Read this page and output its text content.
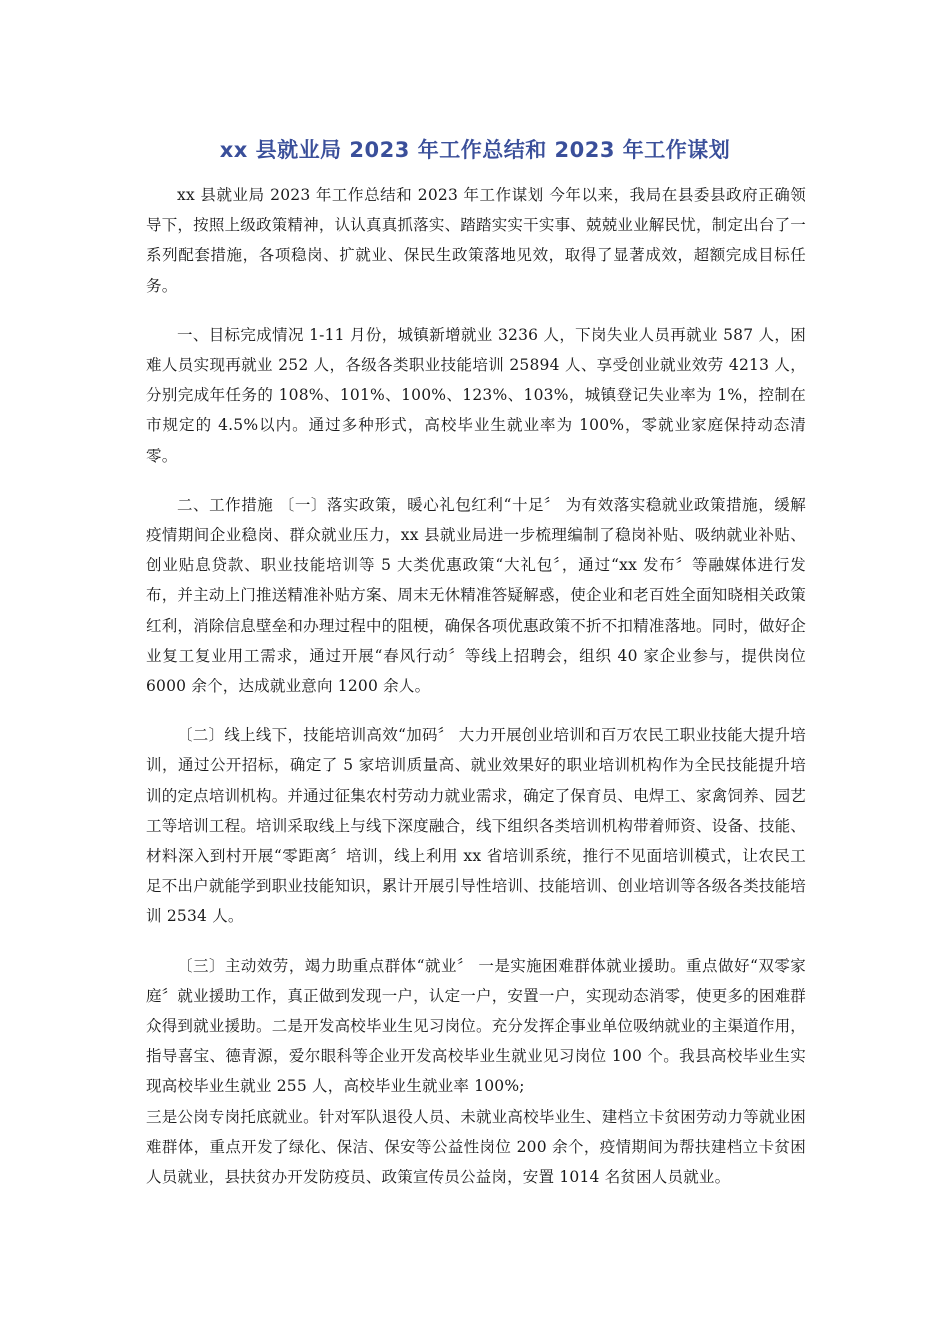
xx 县就业局 2023 年工作总结和 2023 年工作谋划

xx 县就业局 2023 年工作总结和 2023 年工作谋划 今年以来，我局在县委县政府正确领导下，按照上级政策精神，认认真真抓落实、踏踏实实干实事、兢兢业业解民忧，制定出台了一系列配套措施，各项稳岗、扩就业、保民生政策落地见效，取得了显著成效，超额完成目标任务。

一、目标完成情况 1-11 月份，城镇新增就业 3236 人，下岗失业人员再就业 587 人，困难人员实现再就业 252 人，各级各类职业技能培训 25894 人、享受创业就业效劳 4213 人，分别完成年任务的 108%、101%、100%、123%、103%，城镇登记失业率为 1%，控制在市规定的 4.5%以内。通过多种形式，高校毕业生就业率为 100%，零就业家庭保持动态清零。

二、工作措施 〔一〕落实政策，暖心礼包红利“十足〞 为有效落实稳就业政策措施，缓解疫情期间企业稳岗、群众就业压力，xx 县就业局进一步梳理编制了稳岗补贴、吸纳就业补贴、创业贴息贷款、职业技能培训等 5 大类优惠政策“大礼包〞，通过“xx 发布〞等融媒体进行发布，并主动上门推送精准补贴方案、周末无休精准答疑解惑，使企业和老百姓全面知晓相关政策红利，消除信息壁垒和办理过程中的阻梗，确保各项优惠政策不折不扣精准落地。同时，做好企业复工复业用工需求，通过开展“春风行动〞等线上招聘会，组织 40 家企业参与，提供岗位 6000 余个，达成就业意向 1200 余人。

〔二〕线上线下，技能培训高效“加码〞 大力开展创业培训和百万农民工职业技能大提升培训，通过公开招标，确定了 5 家培训质量高、就业效果好的职业培训机构作为全民技能提升培训的定点培训机构。并通过征集农村劳动力就业需求，确定了保育员、电焊工、家禽饲养、园艺工等培训工程。培训采取线上与线下深度融合，线下组织各类培训机构带着师资、设备、技能、材料深入到村开展“零距离〞培训，线上利用 xx 省培训系统，推行不见面培训模式，让农民工足不出户就能学到职业技能知识，累计开展引导性培训、技能培训、创业培训等各级各类技能培训 2534 人。

〔三〕主动效劳，竭力助重点群体“就业〞 一是实施困难群体就业援助。重点做好“双零家庭〞就业援助工作，真正做到发现一户，认定一户，安置一户，实现动态消零，使更多的困难群众得到就业援助。二是开发高校毕业生见习岗位。充分发挥企事业单位吸纳就业的主渠道作用，指导喜宝、德青源，爱尔眼科等企业开发高校毕业生就业见习岗位 100 个。我县高校毕业生实现高校毕业生就业 255 人，高校毕业生就业率 100%;

三是公岗专岗托底就业。针对军队退役人员、未就业高校毕业生、建档立卡贫困劳动力等就业困难群体，重点开发了绿化、保洁、保安等公益性岗位 200 余个，疫情期间为帮扶建档立卡贫困人员就业，县扶贫办开发防疫员、政策宣传员公益岗，安置 1014 名贫困人员就业。
